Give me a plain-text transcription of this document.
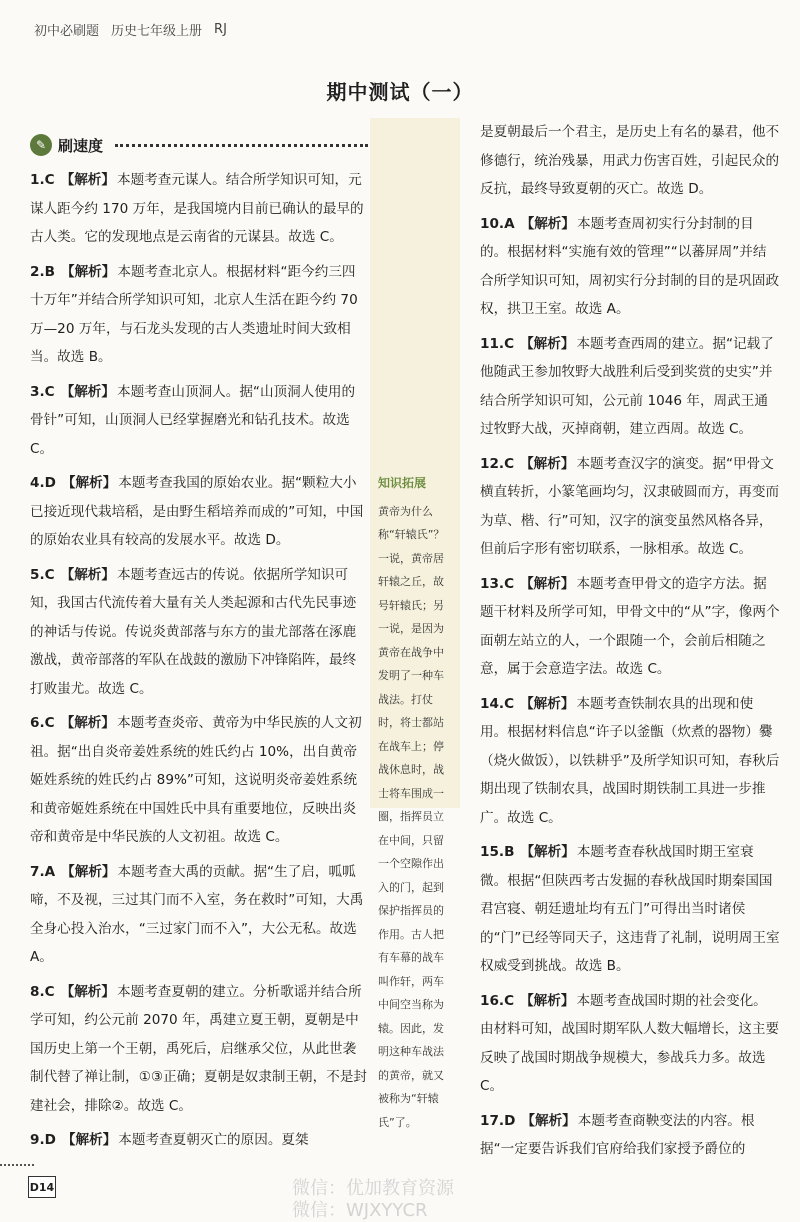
初中必刷题 历史七年级上册 RJ
期中测试（一）
✎ 刷速度
1.C 【解析】 本题考查元谋人。结合所学知识可知，元谋人距今约 170 万年，是我国境内目前已确认的最早的古人类。它的发现地点是云南省的元谋县。故选 C。
2.B 【解析】 本题考查北京人。根据材料“距今约三四十万年”并结合所学知识可知，北京人生活在距今约 70 万—20 万年，与石龙头发现的古人类遗址时间大致相当。故选 B。
3.C 【解析】 本题考查山顶洞人。据“山顶洞人使用的骨针”可知，山顶洞人已经掌握磨光和钻孔技术。故选 C。
4.D 【解析】 本题考查我国的原始农业。据“颗粒大小已接近现代栽培稻，是由野生稻培养而成的”可知，中国的原始农业具有较高的发展水平。故选 D。
5.C 【解析】 本题考查远古的传说。依据所学知识可知，我国古代流传着大量有关人类起源和古代先民事迹的神话与传说。传说炎黄部落与东方的蚩尤部落在涿鹿激战，黄帝部落的军队在战鼓的激励下冲锋陷阵，最终打败蚩尤。故选 C。
6.C 【解析】 本题考查炎帝、黄帝为中华民族的人文初祖。据“出自炎帝姜姓系统的姓氏约占 10%，出自黄帝姬姓系统的姓氏约占 89%”可知，这说明炎帝姜姓系统和黄帝姬姓系统在中国姓氏中具有重要地位，反映出炎帝和黄帝是中华民族的人文初祖。故选 C。
7.A 【解析】 本题考查大禹的贡献。据“生了启，呱呱啼，不及视，三过其门而不入室，务在救时”可知，大禹全身心投入治水，“三过家门而不入”，大公无私。故选 A。
8.C 【解析】 本题考查夏朝的建立。分析歌谣并结合所学可知，约公元前 2070 年，禹建立夏王朝，夏朝是中国历史上第一个王朝，禹死后，启继承父位，从此世袭制代替了禅让制，①③正确；夏朝是奴隶制王朝，不是封建社会，排除②。故选 C。
9.D 【解析】 本题考查夏朝灭亡的原因。夏桀
知识拓展
黄帝为什么称“轩辕氏”？一说，黄帝居轩辕之丘，故号轩辕氏；另一说，是因为黄帝在战争中发明了一种车战法。打仗时，将士都站在战车上；停战休息时，战士将车围成一圈，指挥员立在中间，只留一个空隙作出入的门，起到保护指挥员的作用。古人把有车幕的战车叫作轩，两车中间空当称为辕。因此，发明这种车战法的黄帝，就又被称为“轩辕氏”了。
是夏朝最后一个君主，是历史上有名的暴君，他不修德行，统治残暴，用武力伤害百姓，引起民众的反抗，最终导致夏朝的灭亡。故选 D。
10.A 【解析】 本题考查周初实行分封制的目的。根据材料“实施有效的管理”“以蕃屏周”并结合所学知识可知，周初实行分封制的目的是巩固政权，拱卫王室。故选 A。
11.C 【解析】 本题考查西周的建立。据“记载了他随武王参加牧野大战胜利后受到奖赏的史实”并结合所学知识可知，公元前 1046 年，周武王通过牧野大战，灭掉商朝，建立西周。故选 C。
12.C 【解析】 本题考查汉字的演变。据“甲骨文横直转折，小篆笔画均匀，汉隶破圆而方，再变而为草、楷、行”可知，汉字的演变虽然风格各异，但前后字形有密切联系，一脉相承。故选 C。
13.C 【解析】 本题考查甲骨文的造字方法。据题干材料及所学可知，甲骨文中的“从”字，像两个面朝左站立的人，一个跟随一个，会前后相随之意，属于会意造字法。故选 C。
14.C 【解析】 本题考查铁制农具的出现和使用。根据材料信息“许子以釜甑（炊煮的器物）爨（烧火做饭），以铁耕乎”及所学知识可知，春秋后期出现了铁制农具，战国时期铁制工具进一步推广。故选 C。
15.B 【解析】 本题考查春秋战国时期王室衰微。根据“但陕西考古发掘的春秋战国时期秦国国君宫寝、朝廷遗址均有五门”可得出当时诸侯的“门”已经等同天子，这违背了礼制，说明周王室权威受到挑战。故选 B。
16.C 【解析】 本题考查战国时期的社会变化。由材料可知，战国时期军队人数大幅增长，这主要反映了战国时期战争规模大，参战兵力多。故选 C。
17.D 【解析】 本题考查商鞅变法的内容。根据“一定要告诉我们官府给我们家授予爵位的
D14	微信：优加教育资源
微信：WJXYYCR
